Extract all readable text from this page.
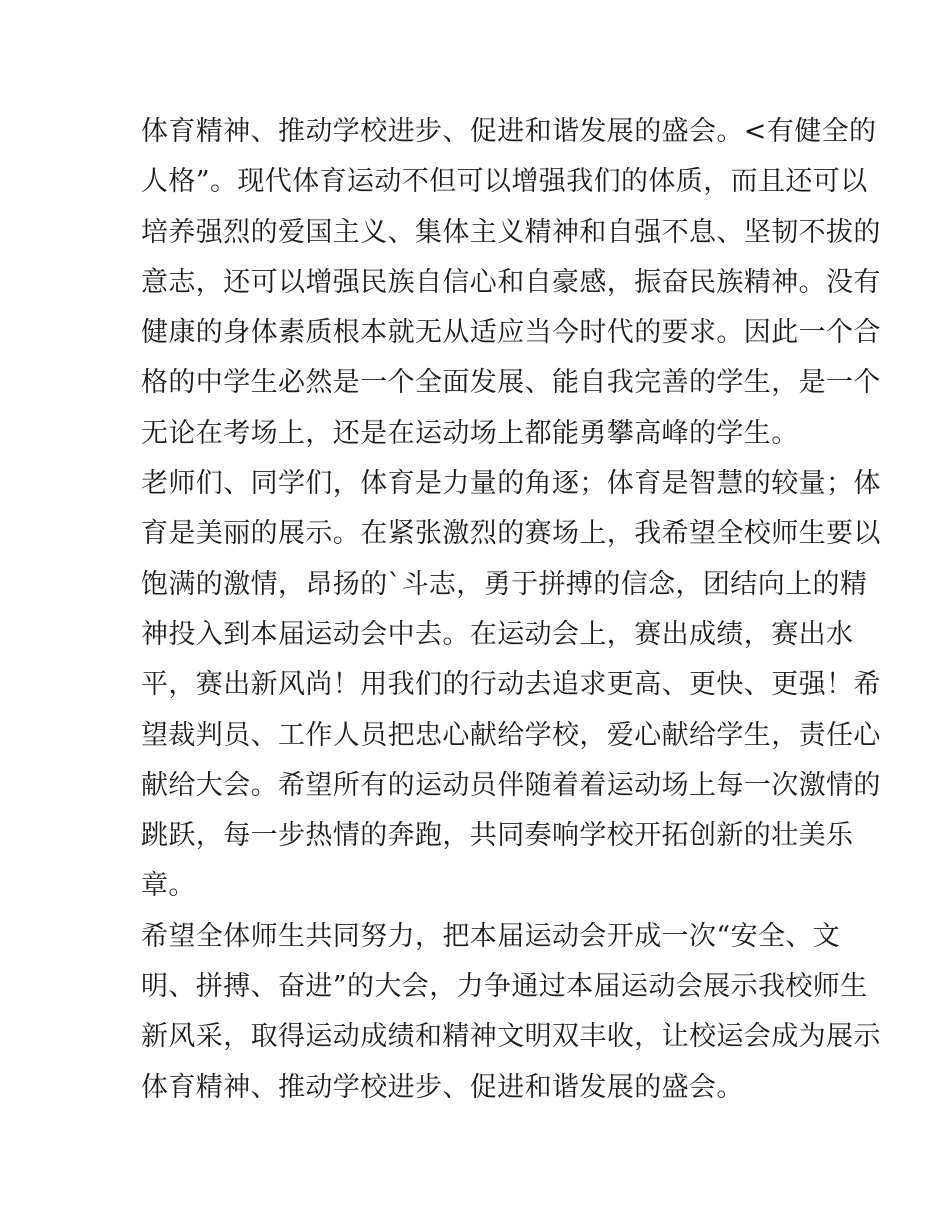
体育精神、推动学校进步、促进和谐发展的盛会。<有健全的
人格”。现代体育运动不但可以增强我们的体质，而且还可以
培养强烈的爱国主义、集体主义精神和自强不息、坚韧不拔的
意志，还可以增强民族自信心和自豪感，振奋民族精神。没有
健康的身体素质根本就无从适应当今时代的要求。因此一个合
格的中学生必然是一个全面发展、能自我完善的学生，是一个
无论在考场上，还是在运动场上都能勇攀高峰的学生。
老师们、同学们，体育是力量的角逐；体育是智慧的较量；体
育是美丽的展示。在紧张激烈的赛场上，我希望全校师生要以
饱满的激情，昂扬的`斗志，勇于拼搏的信念，团结向上的精
神投入到本届运动会中去。在运动会上，赛出成绩，赛出水
平，赛出新风尚！用我们的行动去追求更高、更快、更强！希
望裁判员、工作人员把忠心献给学校，爱心献给学生，责任心
献给大会。希望所有的运动员伴随着着运动场上每一次激情的
跳跃，每一步热情的奔跑，共同奏响学校开拓创新的壮美乐
章。
希望全体师生共同努力，把本届运动会开成一次“安全、文
明、拼搏、奋进”的大会，力争通过本届运动会展示我校师生
新风采，取得运动成绩和精神文明双丰收，让校运会成为展示
体育精神、推动学校进步、促进和谐发展的盛会。
